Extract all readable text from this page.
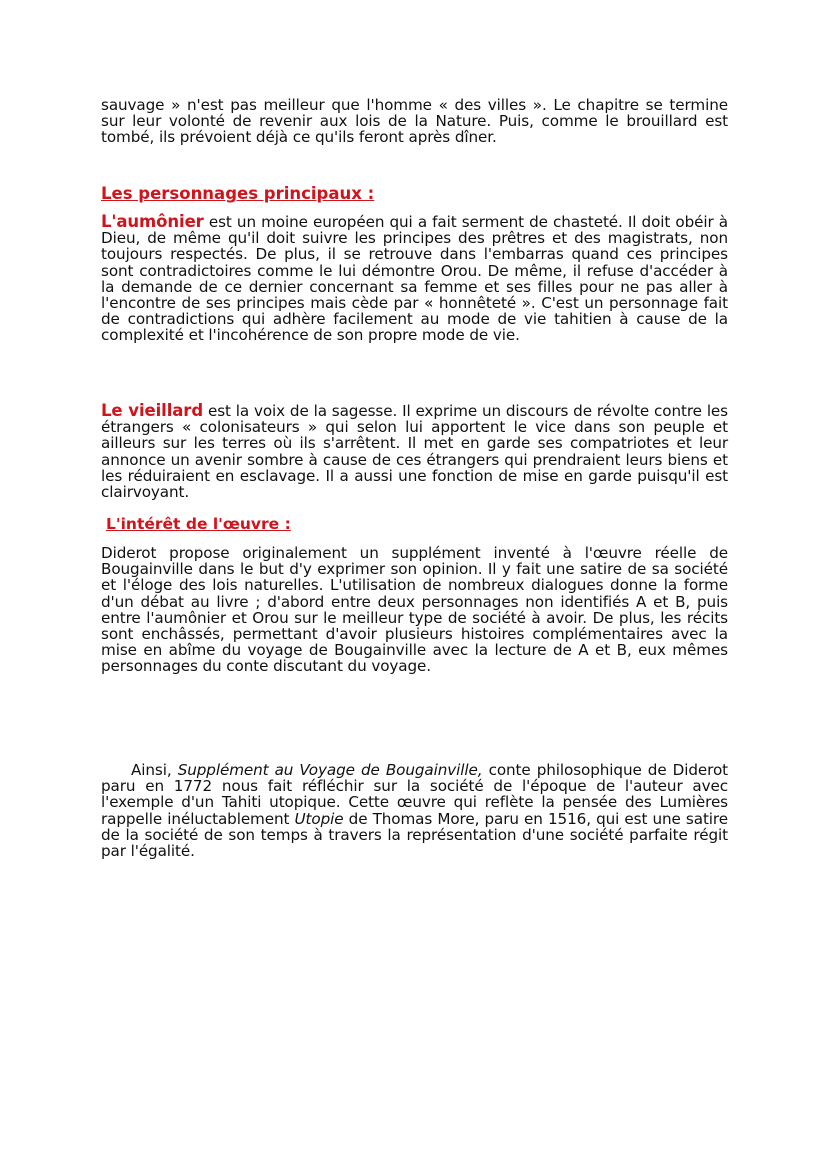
sauvage » n'est pas meilleur que l'homme « des villes ». Le chapitre se termine sur leur volonté de revenir aux lois de la Nature. Puis, comme le brouillard est tombé, ils prévoient déjà ce qu'ils feront après dîner.

Les personnages principaux :

L'aumônier est un moine européen qui a fait serment de chasteté. Il doit obéir à Dieu, de même qu'il doit suivre les principes des prêtres et des magistrats, non toujours respectés. De plus, il se retrouve dans l'embarras quand ces principes sont contradictoires comme le lui démontre Orou. De même, il refuse d'accéder à la demande de ce dernier concernant sa femme et ses filles pour ne pas aller à l'encontre de ses principes mais cède par « honnêteté ». C'est un personnage fait de contradictions qui adhère facilement au mode de vie tahitien à cause de la complexité et l'incohérence de son propre mode de vie.

Le vieillard est la voix de la sagesse. Il exprime un discours de révolte contre les étrangers « colonisateurs » qui selon lui apportent le vice dans son peuple et ailleurs sur les terres où ils s'arrêtent. Il met en garde ses compatriotes et leur annonce un avenir sombre à cause de ces étrangers qui prendraient leurs biens et les réduiraient en esclavage. Il a aussi une fonction de mise en garde puisqu'il est clairvoyant.

L'intérêt de l'œuvre :

Diderot propose originalement un supplément inventé à l'œuvre réelle de Bougainville dans le but d'y exprimer son opinion. Il y fait une satire de sa société et l'éloge des lois naturelles. L'utilisation de nombreux dialogues donne la forme d'un débat au livre ; d'abord entre deux personnages non identifiés A et B, puis entre l'aumônier et Orou sur le meilleur type de société à avoir. De plus, les récits sont enchâssés, permettant d'avoir plusieurs histoires complémentaires avec la mise en abîme du voyage de Bougainville avec la lecture de A et B, eux mêmes personnages du conte discutant du voyage.

Ainsi, Supplément au Voyage de Bougainville, conte philosophique de Diderot paru en 1772 nous fait réfléchir sur la société de l'époque de l'auteur avec l'exemple d'un Tahiti utopique. Cette œuvre qui reflète la pensée des Lumières rappelle inéluctablement Utopie de Thomas More, paru en 1516, qui est une satire de la société de son temps à travers la représentation d'une société parfaite régit par l'égalité.
